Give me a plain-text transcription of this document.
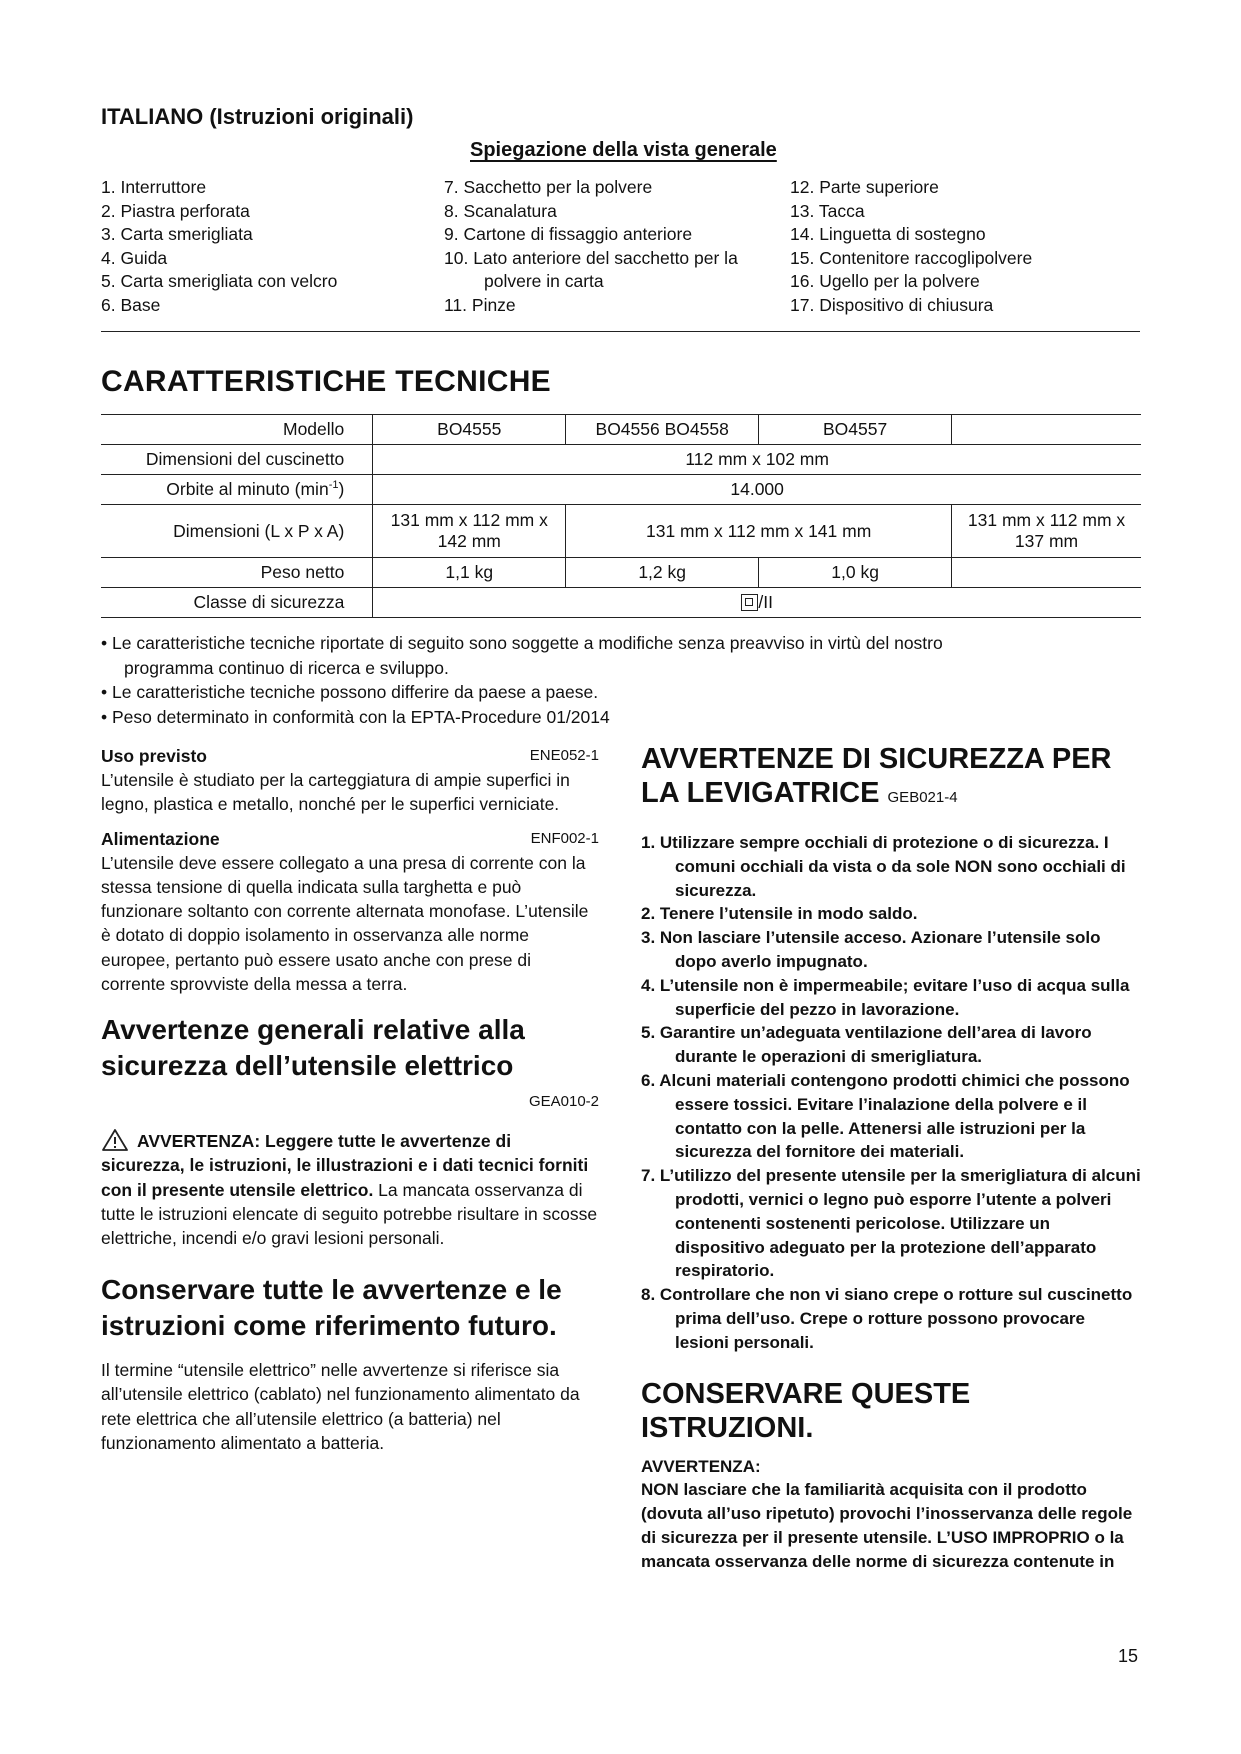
ITALIANO (Istruzioni originali)
Spiegazione della vista generale
1. Interruttore
2. Piastra perforata
3. Carta smerigliata
4. Guida
5. Carta smerigliata con velcro
6. Base
7. Sacchetto per la polvere
8. Scanalatura
9. Cartone di fissaggio anteriore
10. Lato anteriore del sacchetto per la
polvere in carta
11. Pinze
12. Parte superiore
13. Tacca
14. Linguetta di sostegno
15. Contenitore raccoglipolvere
16. Ugello per la polvere
17. Dispositivo di chiusura
CARATTERISTICHE TECNICHE
Modello	BO4555	BO4556 BO4558	BO4557	
Dimensioni del cuscinetto	112 mm x 102 mm			
Orbite al minuto $(\min^{-1})$	14.000			
Dimensioni (L x P x A)	131 mm x 112 mm x 142 mm	131 mm x 112 mm x 141 mm		131 mm x 112 mm x 137 mm
Peso netto	1,1 kg	1,2 kg	1,0 kg	
Classe di sicurezza	/II			
• Le caratteristiche tecniche riportate di seguito sono soggette a modifiche senza preavviso in virtù del nostro
programma continuo di ricerca e sviluppo.
• Le caratteristiche tecniche possono differire da paese a paese.
• Peso determinato in conformità con la EPTA-Procedure 01/2014
Uso previsto	ENE052-1
L’utensile è studiato per la carteggiatura di ampie superfici in legno, plastica e metallo, nonché per le superfici verniciate.
Alimentazione	ENF002-1
L’utensile deve essere collegato a una presa di corrente con la stessa tensione di quella indicata sulla targhetta e può funzionare soltanto con corrente alternata monofase. L’utensile è dotato di doppio isolamento in osservanza alle norme europee, pertanto può essere usato anche con prese di corrente sprovviste della messa a terra.
Avvertenze generali relative alla sicurezza dell’utensile elettrico
GEA010-2
AVVERTENZA: Leggere tutte le avvertenze di sicurezza, le istruzioni, le illustrazioni e i dati tecnici forniti con il presente utensile elettrico. La mancata osservanza di tutte le istruzioni elencate di seguito potrebbe risultare in scosse elettriche, incendi e/o gravi lesioni personali.
Conservare tutte le avvertenze e le istruzioni come riferimento futuro.
Il termine “utensile elettrico” nelle avvertenze si riferisce sia all’utensile elettrico (cablato) nel funzionamento alimentato da rete elettrica che all’utensile elettrico (a batteria) nel funzionamento alimentato a batteria.
AVVERTENZE DI SICUREZZA PER
LA LEVIGATRICE GEB021-4
1. Utilizzare sempre occhiali di protezione o di sicurezza. I comuni occhiali da vista o da sole NON sono occhiali di sicurezza.
2. Tenere l’utensile in modo saldo.
3. Non lasciare l’utensile acceso. Azionare l’utensile solo dopo averlo impugnato.
4. L’utensile non è impermeabile; evitare l’uso di acqua sulla superficie del pezzo in lavorazione.
5. Garantire un’adeguata ventilazione dell’area di lavoro durante le operazioni di smerigliatura.
6. Alcuni materiali contengono prodotti chimici che possono essere tossici. Evitare l’inalazione della polvere e il contatto con la pelle. Attenersi alle istruzioni per la sicurezza del fornitore dei materiali.
7. L’utilizzo del presente utensile per la smerigliatura di alcuni prodotti, vernici o legno può esporre l’utente a polveri contenenti sostenenti pericolose. Utilizzare un dispositivo adeguato per la protezione dell’apparato respiratorio.
8. Controllare che non vi siano crepe o rotture sul cuscinetto prima dell’uso. Crepe o rotture possono provocare lesioni personali.
CONSERVARE QUESTE ISTRUZIONI.
AVVERTENZA:
NON lasciare che la familiarità acquisita con il prodotto (dovuta all’uso ripetuto) provochi l’inosservanza delle regole di sicurezza per il presente utensile. L’USO IMPROPRIO o la mancata osservanza delle norme di sicurezza contenute in
15
